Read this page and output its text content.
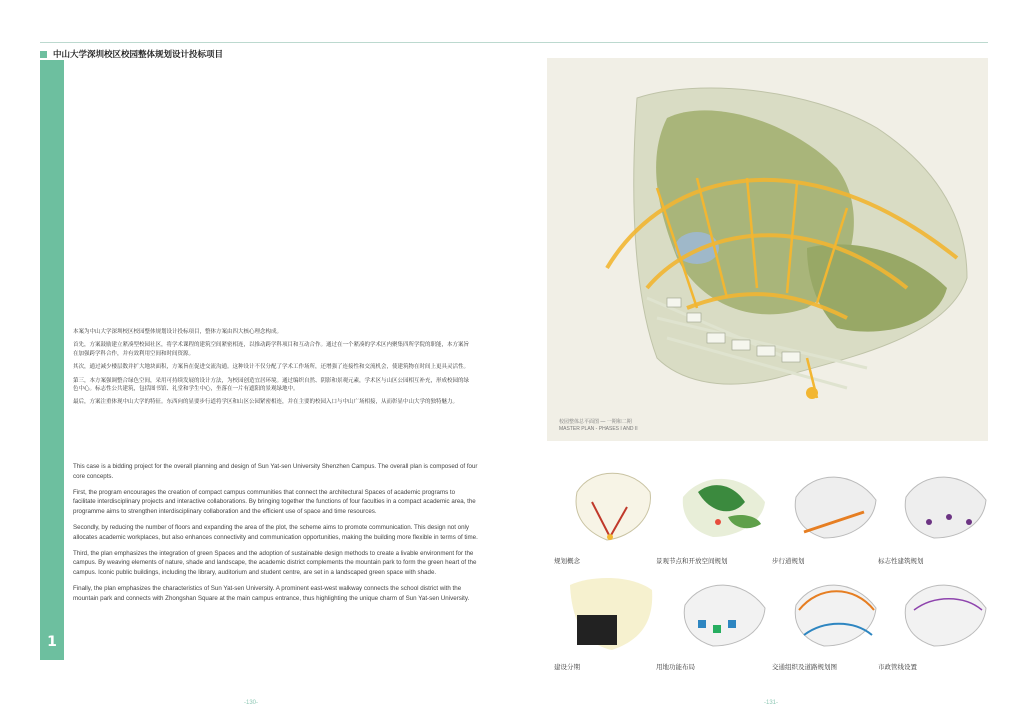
中山大学深圳校区校园整体规划设计投标项目
1

本案为中山大学深圳校区校园整体规划设计投标项目，整体方案由四大核心理念构成。

首先，方案鼓励建立紧凑型校园社区，将学术课程的建筑空间紧密相连，以推动跨学科项目和互动合作。通过在一个紧凑的学术区内聚集四所学院的职能，本方案旨在加强跨学科合作，并有效利用空间和时间资源。

其次，通过减少楼层数并扩大地块面积，方案旨在促进交流沟通。这种设计不仅分配了学术工作场所，还增强了连接性和交流机会，使建筑物在时间上更具灵活性。

第三，本方案强调整合绿色空间，采用可持续发展的设计方法，为校园创造宜居环境。通过编织自然、阴影和景观元素，学术区与山区公园相互补充，形成校园的绿色中心。标志性公共建筑，包括图书馆、礼堂和学生中心，坐落在一片有遮阳的景观绿地中。

最后，方案注重体现中山大学的特征。东西向的显要步行道将学区和山区公园紧密相连，并在主要的校园入口与中山广场相接，从而彰显中山大学的独特魅力。

This case is a bidding project for the overall planning and design of Sun Yat-sen University Shenzhen Campus. The overall plan is composed of four core concepts.

First, the program encourages the creation of compact campus communities that connect the architectural Spaces of academic programs to facilitate interdisciplinary projects and interactive collaborations. By bringing together the functions of four faculties in a compact academic area, the programme aims to strengthen interdisciplinary collaboration and the efficient use of space and time resources.

Secondly, by reducing the number of floors and expanding the area of the plot, the scheme aims to promote communication. This design not only allocates academic workplaces, but also enhances connectivity and communication opportunities, making the building more flexible in terms of time.

Third, the plan emphasizes the integration of green Spaces and the adoption of sustainable design methods to create a livable environment for the campus. By weaving elements of nature, shade and landscape, the academic district complements the mountain park to form the green heart of the campus. Iconic public buildings, including the library, auditorium and student centre, are set in a landscaped green space with shade.

Finally, the plan emphasizes the characteristics of Sun Yat-sen University. A prominent east-west walkway connects the school district with the mountain park and connects with Zhongshan Square at the main campus entrance, thus highlighting the unique charm of Sun Yat-sen University.

校园整体总平面图 — 一期和二期
MASTER PLAN - PHASES I AND II
规划概念	景观节点和开放空间规划	步行道规划	标志性建筑规划
建设分期	用地功能布局	交通组织及道路规划图	市政管线设置
-130-	-131-
